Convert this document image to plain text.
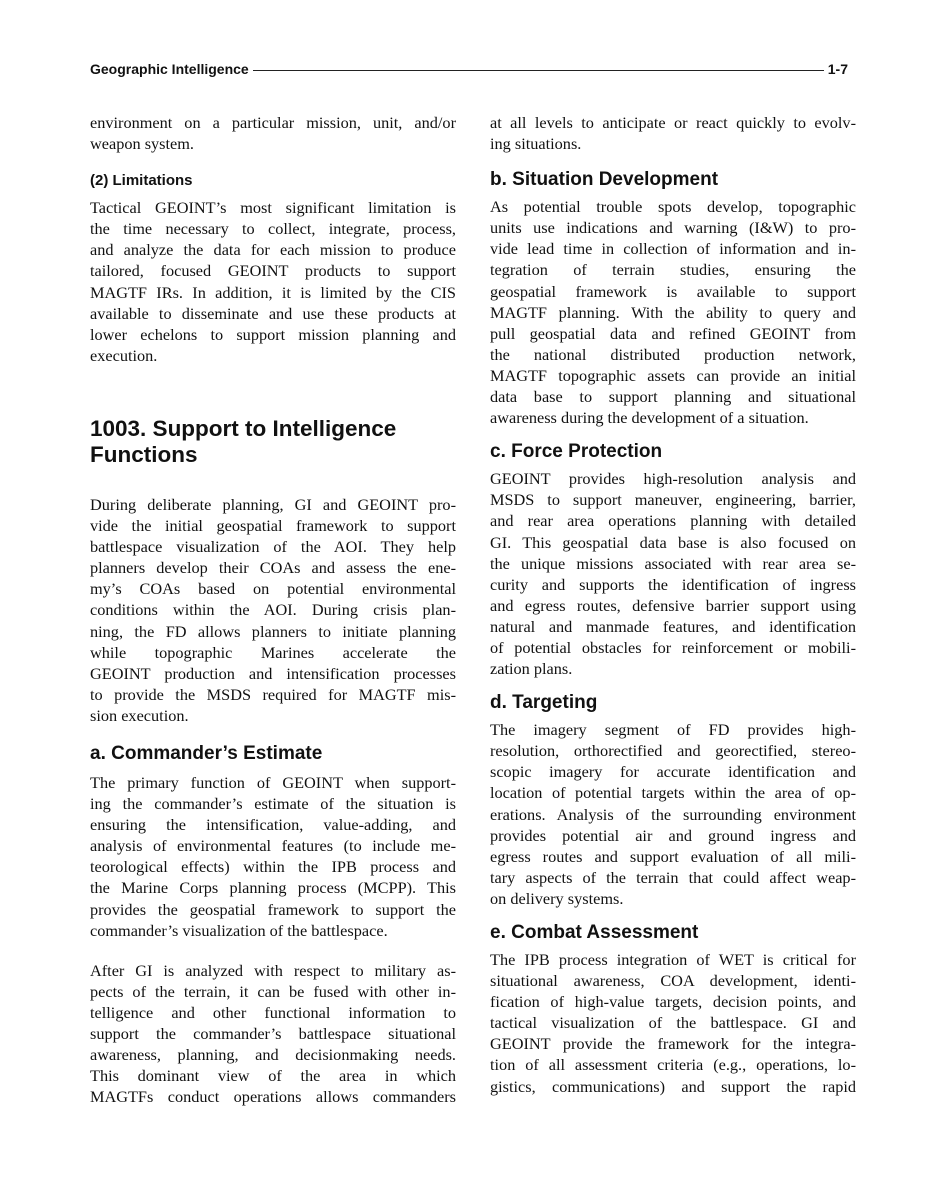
Geographic Intelligence	1-7
environment on a particular mission, unit, and/or
weapon system.
(2) Limitations
Tactical GEOINT’s most significant limitation is
the time necessary to collect, integrate, process,
and analyze the data for each mission to produce
tailored, focused GEOINT products to support
MAGTF IRs. In addition, it is limited by the CIS
available to disseminate and use these products at
lower echelons to support mission planning and
execution.
1003. Support to Intelligence
Functions
During deliberate planning, GI and GEOINT pro-
vide the initial geospatial framework to support
battlespace visualization of the AOI. They help
planners develop their COAs and assess the ene-
my’s COAs based on potential environmental
conditions within the AOI. During crisis plan-
ning, the FD allows planners to initiate planning
while topographic Marines accelerate the
GEOINT production and intensification processes
to provide the MSDS required for MAGTF mis-
sion execution.
a. Commander’s Estimate
The primary function of GEOINT when support-
ing the commander’s estimate of the situation is
ensuring the intensification, value-adding, and
analysis of environmental features (to include me-
teorological effects) within the IPB process and
the Marine Corps planning process (MCPP). This
provides the geospatial framework to support the
commander’s visualization of the battlespace.
After GI is analyzed with respect to military as-
pects of the terrain, it can be fused with other in-
telligence and other functional information to
support the commander’s battlespace situational
awareness, planning, and decisionmaking needs.
This dominant view of the area in which
MAGTFs conduct operations allows commanders
at all levels to anticipate or react quickly to evolv-
ing situations.
b. Situation Development
As potential trouble spots develop, topographic
units use indications and warning (I&W) to pro-
vide lead time in collection of information and in-
tegration of terrain studies, ensuring the
geospatial framework is available to support
MAGTF planning. With the ability to query and
pull geospatial data and refined GEOINT from
the national distributed production network,
MAGTF topographic assets can provide an initial
data base to support planning and situational
awareness during the development of a situation.
c. Force Protection
GEOINT provides high-resolution analysis and
MSDS to support maneuver, engineering, barrier,
and rear area operations planning with detailed
GI. This geospatial data base is also focused on
the unique missions associated with rear area se-
curity and supports the identification of ingress
and egress routes, defensive barrier support using
natural and manmade features, and identification
of potential obstacles for reinforcement or mobili-
zation plans.
d. Targeting
The imagery segment of FD provides high-
resolution, orthorectified and georectified, stereo-
scopic imagery for accurate identification and
location of potential targets within the area of op-
erations. Analysis of the surrounding environment
provides potential air and ground ingress and
egress routes and support evaluation of all mili-
tary aspects of the terrain that could affect weap-
on delivery systems.
e. Combat Assessment
The IPB process integration of WET is critical for
situational awareness, COA development, identi-
fication of high-value targets, decision points, and
tactical visualization of the battlespace. GI and
GEOINT provide the framework for the integra-
tion of all assessment criteria (e.g., operations, lo-
gistics, communications) and support the rapid
